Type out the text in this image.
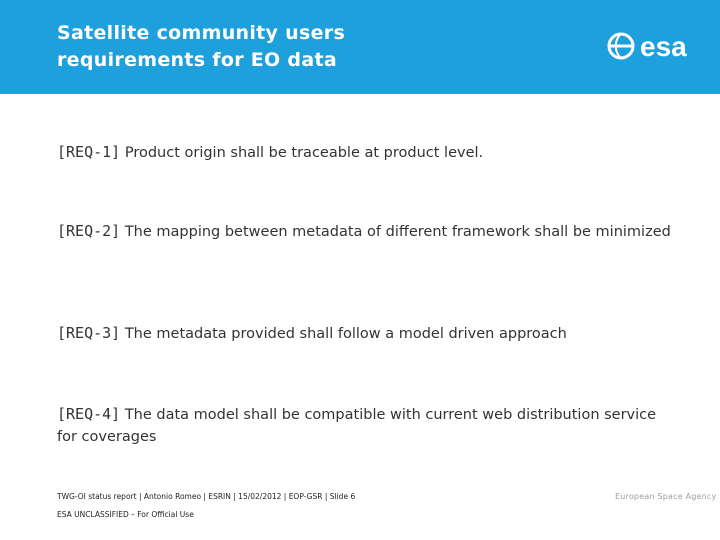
Satellite community users
requirements for EO data	esa
[REQ-1] Product origin shall be traceable at product level.
[REQ-2] The mapping between metadata of different framework shall be minimized
[REQ-3] The metadata provided shall follow a model driven approach
[REQ-4] The data model shall be compatible with current web distribution service for coverages
TWG-OI status report | Antonio Romeo | ESRIN | 15/02/2012 | EOP-GSR | Slide 6
ESA UNCLASSIFIED – For Official Use
European Space Agency
